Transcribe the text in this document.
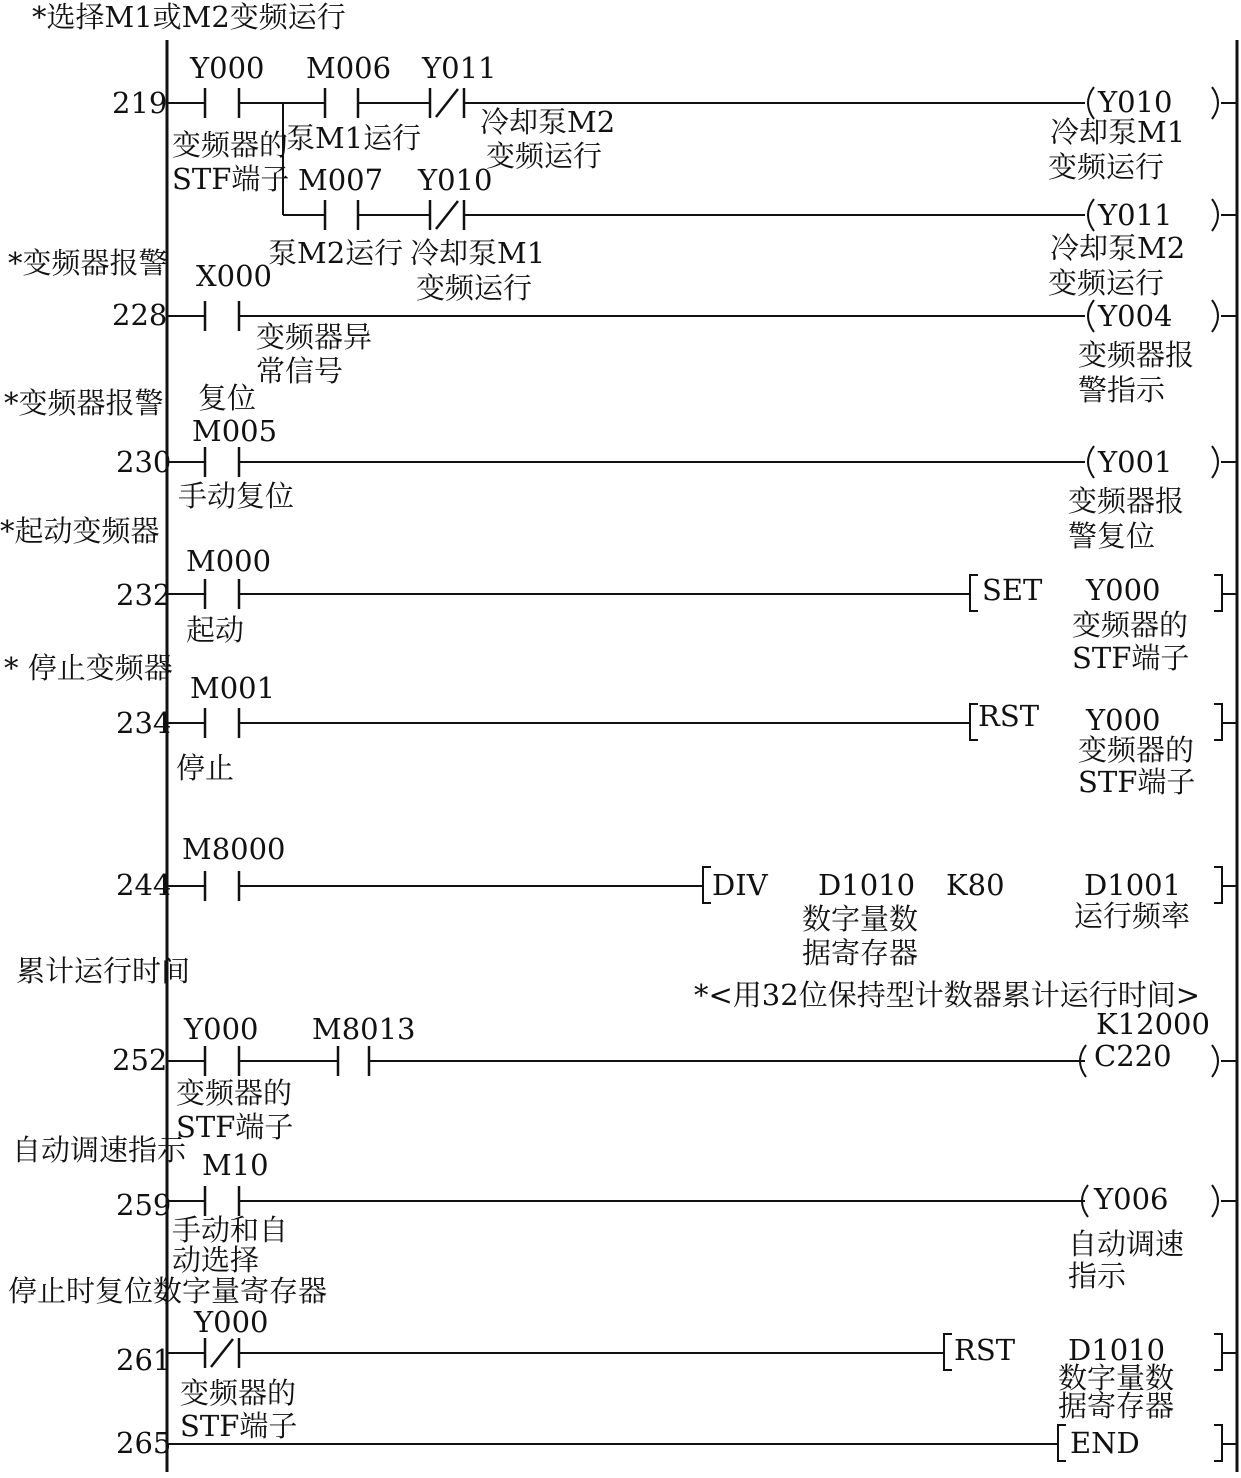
*选择M1或M2变频运行
219
Y000
变频器的
STF端子
M006
泵M1运行
Y011
冷却泵M2
变频运行
M007
泵M2运行
Y010
冷却泵M1
变频运行
Y010
冷却泵M1
变频运行
Y011
冷却泵M2
变频运行
*变频器报警
228
X000
变频器异
常信号
Y004
变频器报
警指示
*变频器报警 复位
230
M005
手动复位
Y001
变频器报
警复位
*起动变频器
232
M000
起动
SET Y000
变频器的
STF端子
* 停止变频器
234
M001
停止
RST Y000
变频器的
STF端子
244
M8000
DIV D1010
数字量数
据寄存器
K80	D1001
运行频率
累计运行时间
*<用32位保持型计数器累计运行时间>
252
Y000
变频器的
STF端子
M8013	K12000
C220
自动调速指示
259
M10
手动和自
动选择
Y006
自动调速
指示
停止时复位数字量寄存器
261
Y000
变频器的
STF端子
RST D1010
数字量数
据寄存器
265	END
